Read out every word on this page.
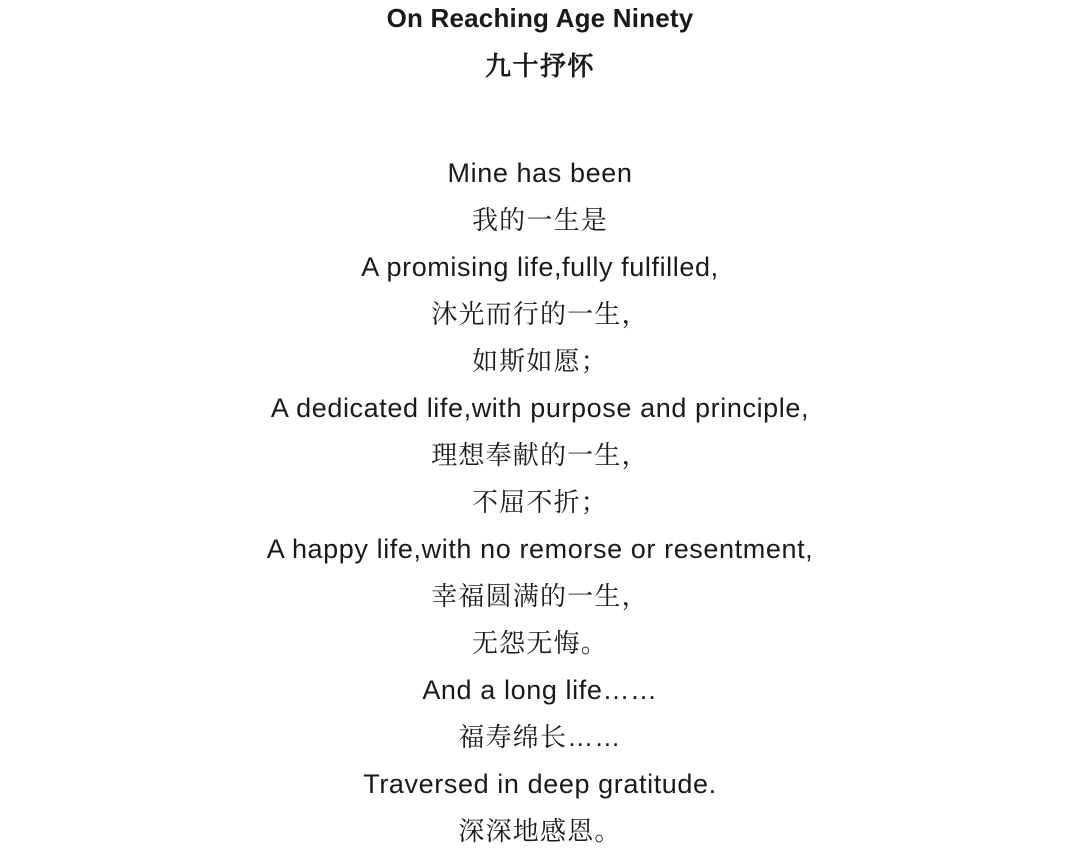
On Reaching Age Ninety
九十抒怀
Mine has been
我的一生是
A promising life,fully fulfilled,
沐光而行的一生，
如斯如愿；
A dedicated life,with purpose and principle,
理想奉献的一生，
不屈不折；
A happy life,with no remorse or resentment,
幸福圆满的一生，
无怨无悔。
And a long life……
福寿绵长……
Traversed in deep gratitude.
深深地感恩。
